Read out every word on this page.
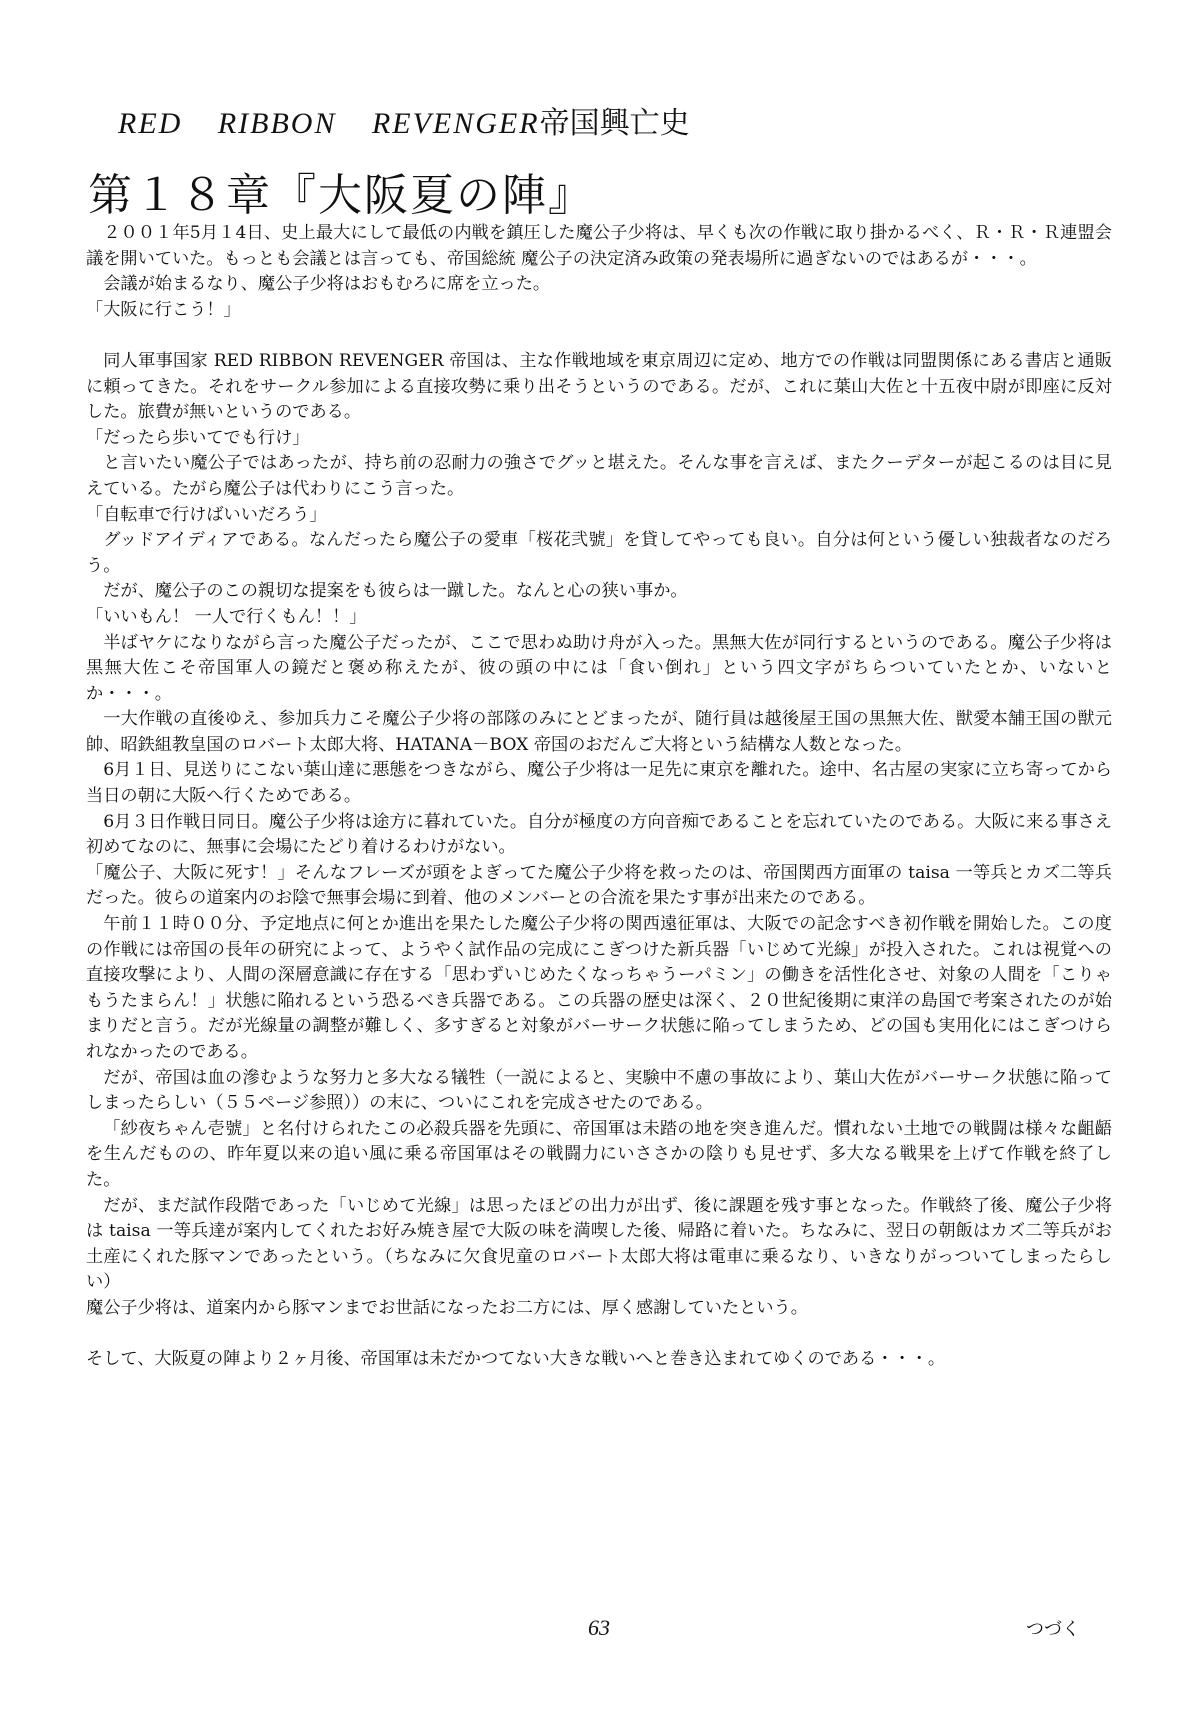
RED RIBBON REVENGER帝国興亡史
第１８章『大阪夏の陣』

２００１年5月１4日、史上最大にして最低の内戦を鎮圧した魔公子少将は、早くも次の作戦に取り掛かるべく、Ｒ・Ｒ・Ｒ連盟会議を開いていた。もっとも会議とは言っても、帝国総統 魔公子の決定済み政策の発表場所に過ぎないのではあるが・・・。

会議が始まるなり、魔公子少将はおもむろに席を立った。

「大阪に行こう！」

同人軍事国家 RED RIBBON REVENGER 帝国は、主な作戦地域を東京周辺に定め、地方での作戦は同盟関係にある書店と通販に頼ってきた。それをサークル参加による直接攻勢に乗り出そうというのである。だが、これに葉山大佐と十五夜中尉が即座に反対した。旅費が無いというのである。

「だったら歩いてでも行け」

と言いたい魔公子ではあったが、持ち前の忍耐力の強さでグッと堪えた。そんな事を言えば、またクーデターが起こるのは目に見えている。たがら魔公子は代わりにこう言った。

「自転車で行けばいいだろう」

グッドアイディアである。なんだったら魔公子の愛車「桜花弐號」を貸してやっても良い。自分は何という優しい独裁者なのだろう。

だが、魔公子のこの親切な提案をも彼らは一蹴した。なんと心の狭い事か。

「いいもん！ 一人で行くもん！！」

半ばヤケになりながら言った魔公子だったが、ここで思わぬ助け舟が入った。黒無大佐が同行するというのである。魔公子少将は黒無大佐こそ帝国軍人の鏡だと褒め称えたが、彼の頭の中には「食い倒れ」という四文字がちらついていたとか、いないとか・・・。

一大作戦の直後ゆえ、参加兵力こそ魔公子少将の部隊のみにとどまったが、随行員は越後屋王国の黒無大佐、獣愛本舗王国の獣元帥、昭鉄組教皇国のロバート太郎大将、HATANA－BOX 帝国のおだんご大将という結構な人数となった。

6月１日、見送りにこない葉山達に悪態をつきながら、魔公子少将は一足先に東京を離れた。途中、名古屋の実家に立ち寄ってから当日の朝に大阪へ行くためである。

6月３日作戦日同日。魔公子少将は途方に暮れていた。自分が極度の方向音痴であることを忘れていたのである。大阪に来る事さえ初めてなのに、無事に会場にたどり着けるわけがない。

「魔公子、大阪に死す！」そんなフレーズが頭をよぎってた魔公子少将を救ったのは、帝国関西方面軍の taisa 一等兵とカズ二等兵だった。彼らの道案内のお陰で無事会場に到着、他のメンバーとの合流を果たす事が出来たのである。

午前１１時００分、予定地点に何とか進出を果たした魔公子少将の関西遠征軍は、大阪での記念すべき初作戦を開始した。この度の作戦には帝国の長年の研究によって、ようやく試作品の完成にこぎつけた新兵器「いじめて光線」が投入された。これは視覚への直接攻撃により、人間の深層意識に存在する「思わずいじめたくなっちゃうーパミン」の働きを活性化させ、対象の人間を「こりゃもうたまらん！」状態に陥れるという恐るべき兵器である。この兵器の歴史は深く、２０世紀後期に東洋の島国で考案されたのが始まりだと言う。だが光線量の調整が難しく、多すぎると対象がバーサーク状態に陥ってしまうため、どの国も実用化にはこぎつけられなかったのである。

だが、帝国は血の滲むような努力と多大なる犠牲（一説によると、実験中不慮の事故により、葉山大佐がバーサーク状態に陥ってしまったらしい（５５ページ参照））の末に、ついにこれを完成させたのである。

「紗夜ちゃん壱號」と名付けられたこの必殺兵器を先頭に、帝国軍は未踏の地を突き進んだ。慣れない土地での戦闘は様々な齟齬を生んだものの、昨年夏以来の追い風に乗る帝国軍はその戦闘力にいささかの陰りも見せず、多大なる戦果を上げて作戦を終了した。

だが、まだ試作段階であった「いじめて光線」は思ったほどの出力が出ず、後に課題を残す事となった。作戦終了後、魔公子少将は taisa 一等兵達が案内してくれたお好み焼き屋で大阪の味を満喫した後、帰路に着いた。ちなみに、翌日の朝飯はカズ二等兵がお土産にくれた豚マンであったという。（ちなみに欠食児童のロバート太郎大将は電車に乗るなり、いきなりがっついてしまったらしい）

魔公子少将は、道案内から豚マンまでお世話になったお二方には、厚く感謝していたという。

そして、大阪夏の陣より２ヶ月後、帝国軍は未だかつてない大きな戦いへと巻き込まれてゆくのである・・・。

63	つづく
